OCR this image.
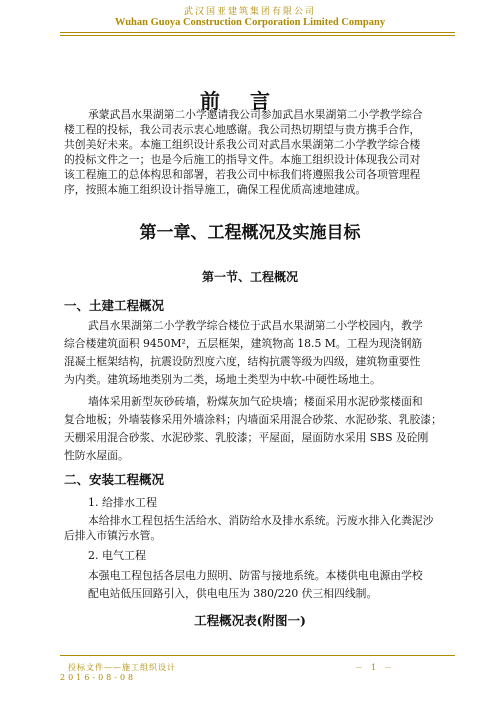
武汉国亚建筑集团有限公司
Wuhan Guoya Construction Corporation Limited Company
前言
承蒙武昌水果湖第二小学邀请我公司参加武昌水果湖第二小学教学综合
楼工程的投标，我公司表示衷心地感谢。我公司热切期望与贵方携手合作，
共创美好未来。本施工组织设计系我公司对武昌水果湖第二小学教学综合楼
的投标文件之一；也是今后施工的指导文件。本施工组织设计体现我公司对
该工程施工的总体构思和部署，若我公司中标我们将遵照我公司各项管理程
序，按照本施工组织设计指导施工，确保工程优质高速地建成。
第一章、工程概况及实施目标
第一节、工程概况
一、土建工程概况
武昌水果湖第二小学教学综合楼位于武昌水果湖第二小学校园内，教学
综合楼建筑面积 9450M²，五层框架，建筑物高 18.5 M。工程为现浇钢筋
混凝土框架结构，抗震设防烈度六度，结构抗震等级为四级，建筑物重要性
为内类。建筑场地类别为二类，场地土类型为中软-中硬性场地土。
墙体采用新型灰砂砖墙，粉煤灰加气砼块墙；楼面采用水泥砂浆楼面和
复合地板；外墙装修采用外墙涂料；内墙面采用混合砂浆、水泥砂浆、乳胶漆；
天棚采用混合砂浆、水泥砂浆、乳胶漆；平屋面，屋面防水采用 SBS 及砼刚
性防水屋面。
二、安装工程概况
1. 给排水工程
本给排水工程包括生活给水、消防给水及排水系统。污废水排入化粪泥沙
后排入市镇污水管。
2. 电气工程
本强电工程包括各层电力照明、防雷与接地系统。本楼供电电源由学校
配电站低压回路引入，供电电压为 380/220 伏三相四线制。
工程概况表(附图一)
投标文件——施工组织设计	－　1　－
2016-08-08
